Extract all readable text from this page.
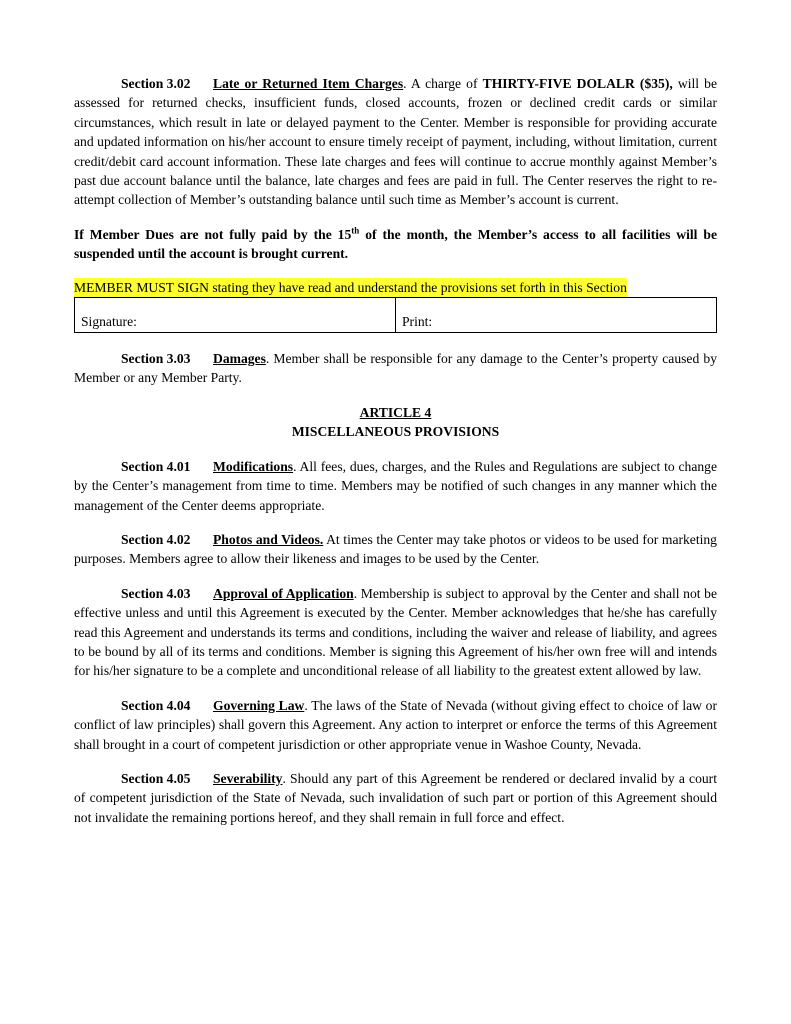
Section 3.02 Late or Returned Item Charges. A charge of THIRTY-FIVE DOLALR ($35), will be assessed for returned checks, insufficient funds, closed accounts, frozen or declined credit cards or similar circumstances, which result in late or delayed payment to the Center. Member is responsible for providing accurate and updated information on his/her account to ensure timely receipt of payment, including, without limitation, current credit/debit card account information. These late charges and fees will continue to accrue monthly against Member’s past due account balance until the balance, late charges and fees are paid in full. The Center reserves the right to re-attempt collection of Member’s outstanding balance until such time as Member’s account is current.

If Member Dues are not fully paid by the 15th of the month, the Member’s access to all facilities will be suspended until the account is brought current.

MEMBER MUST SIGN stating they have read and understand the provisions set forth in this Section
Signature:	Print:

Section 3.03 Damages. Member shall be responsible for any damage to the Center’s property caused by Member or any Member Party.

ARTICLE 4
MISCELLANEOUS PROVISIONS

Section 4.01 Modifications. All fees, dues, charges, and the Rules and Regulations are subject to change by the Center’s management from time to time. Members may be notified of such changes in any manner which the management of the Center deems appropriate.

Section 4.02 Photos and Videos. At times the Center may take photos or videos to be used for marketing purposes. Members agree to allow their likeness and images to be used by the Center.

Section 4.03 Approval of Application. Membership is subject to approval by the Center and shall not be effective unless and until this Agreement is executed by the Center. Member acknowledges that he/she has carefully read this Agreement and understands its terms and conditions, including the waiver and release of liability, and agrees to be bound by all of its terms and conditions. Member is signing this Agreement of his/her own free will and intends for his/her signature to be a complete and unconditional release of all liability to the greatest extent allowed by law.

Section 4.04 Governing Law. The laws of the State of Nevada (without giving effect to choice of law or conflict of law principles) shall govern this Agreement. Any action to interpret or enforce the terms of this Agreement shall brought in a court of competent jurisdiction or other appropriate venue in Washoe County, Nevada.

Section 4.05 Severability. Should any part of this Agreement be rendered or declared invalid by a court of competent jurisdiction of the State of Nevada, such invalidation of such part or portion of this Agreement should not invalidate the remaining portions hereof, and they shall remain in full force and effect.
